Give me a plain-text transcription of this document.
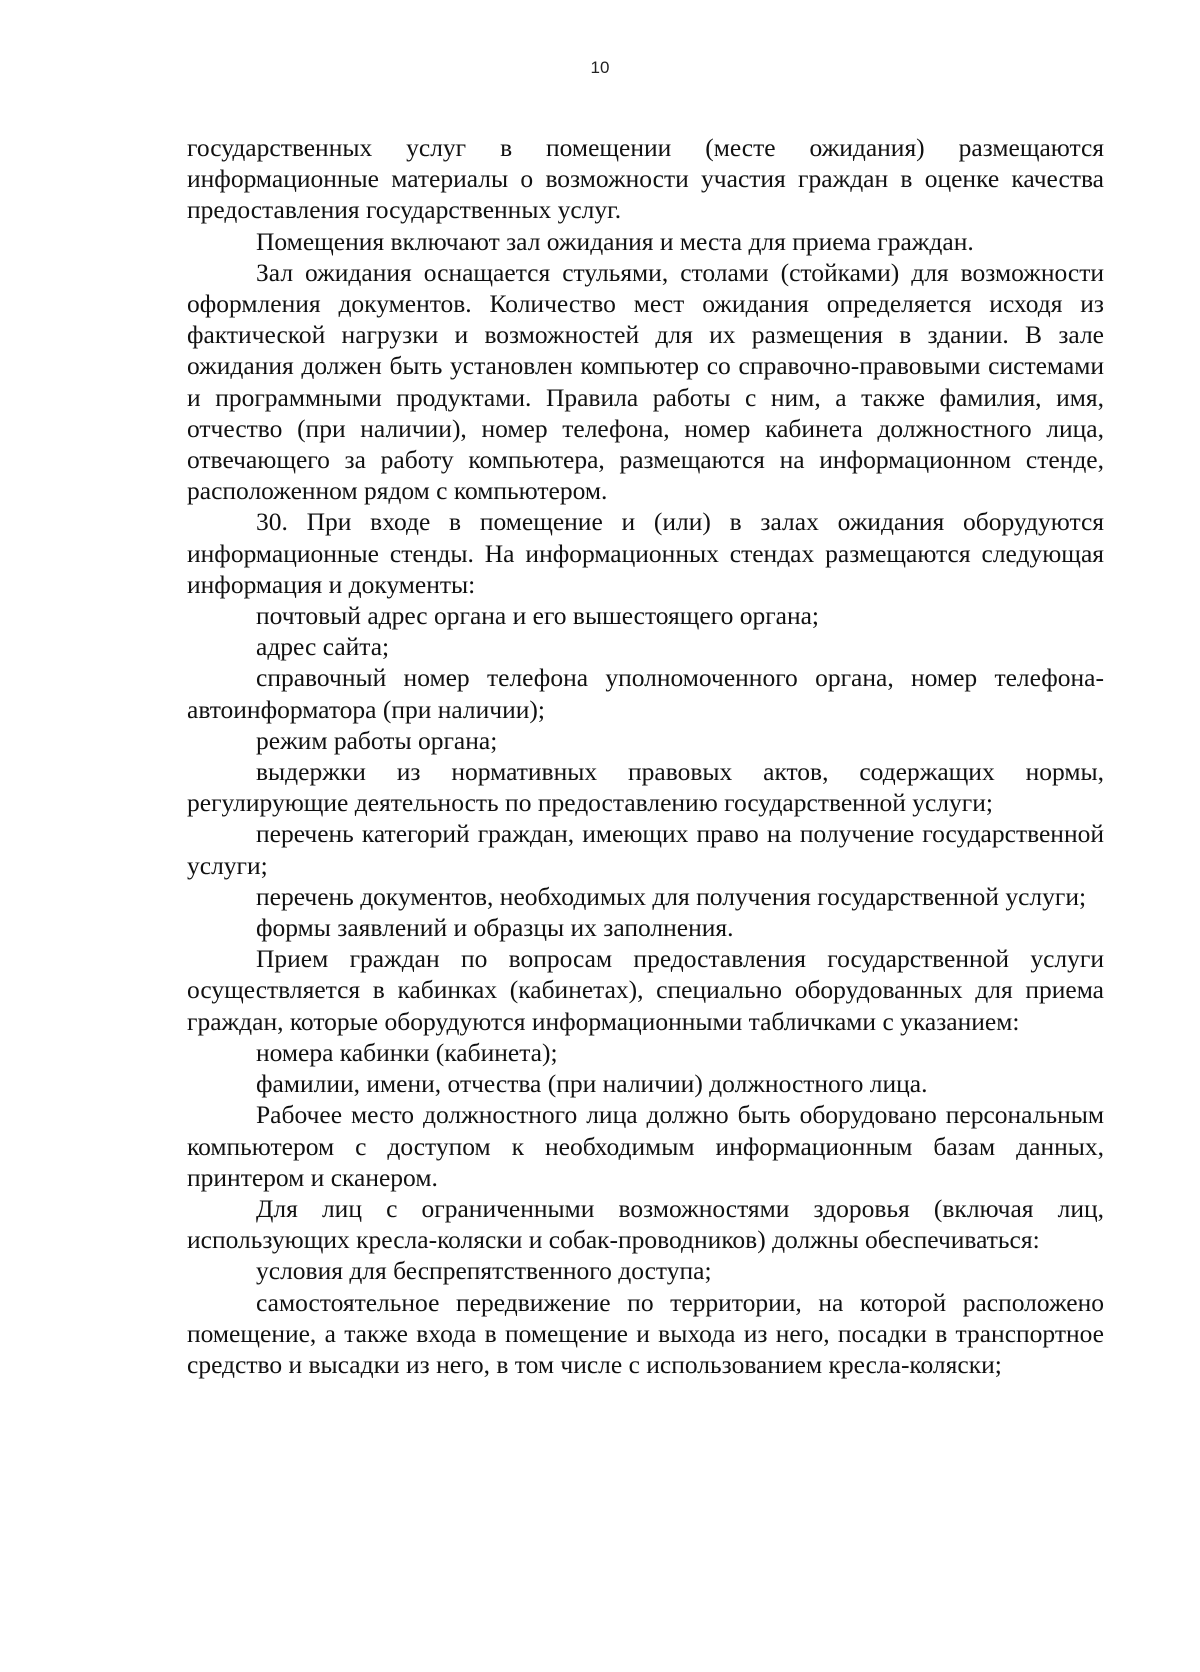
10

государственных услуг в помещении (месте ожидания) размещаются информационные материалы о возможности участия граждан в оценке качества предоставления государственных услуг.

Помещения включают зал ожидания и места для приема граждан.

Зал ожидания оснащается стульями, столами (стойками) для возможности оформления документов. Количество мест ожидания определяется исходя из фактической нагрузки и возможностей для их размещения в здании. В зале ожидания должен быть установлен компьютер со справочно-правовыми системами и программными продуктами. Правила работы с ним, а также фамилия, имя, отчество (при наличии), номер телефона, номер кабинета должностного лица, отвечающего за работу компьютера, размещаются на информационном стенде, расположенном рядом с компьютером.

30. При входе в помещение и (или) в залах ожидания оборудуются информационные стенды. На информационных стендах размещаются следующая информация и документы:

почтовый адрес органа и его вышестоящего органа;

адрес сайта;

справочный номер телефона уполномоченного органа, номер телефона-автоинформатора (при наличии);

режим работы органа;

выдержки из нормативных правовых актов, содержащих нормы, регулирующие деятельность по предоставлению государственной услуги;

перечень категорий граждан, имеющих право на получение государственной услуги;

перечень документов, необходимых для получения государственной услуги;

формы заявлений и образцы их заполнения.

Прием граждан по вопросам предоставления государственной услуги осуществляется в кабинках (кабинетах), специально оборудованных для приема граждан, которые оборудуются информационными табличками с указанием:

номера кабинки (кабинета);

фамилии, имени, отчества (при наличии) должностного лица.

Рабочее место должностного лица должно быть оборудовано персональным компьютером с доступом к необходимым информационным базам данных, принтером и сканером.

Для лиц с ограниченными возможностями здоровья (включая лиц, использующих кресла-коляски и собак-проводников) должны обеспечиваться:

условия для беспрепятственного доступа;

самостоятельное передвижение по территории, на которой расположено помещение, а также входа в помещение и выхода из него, посадки в транспортное средство и высадки из него, в том числе с использованием кресла-коляски;
